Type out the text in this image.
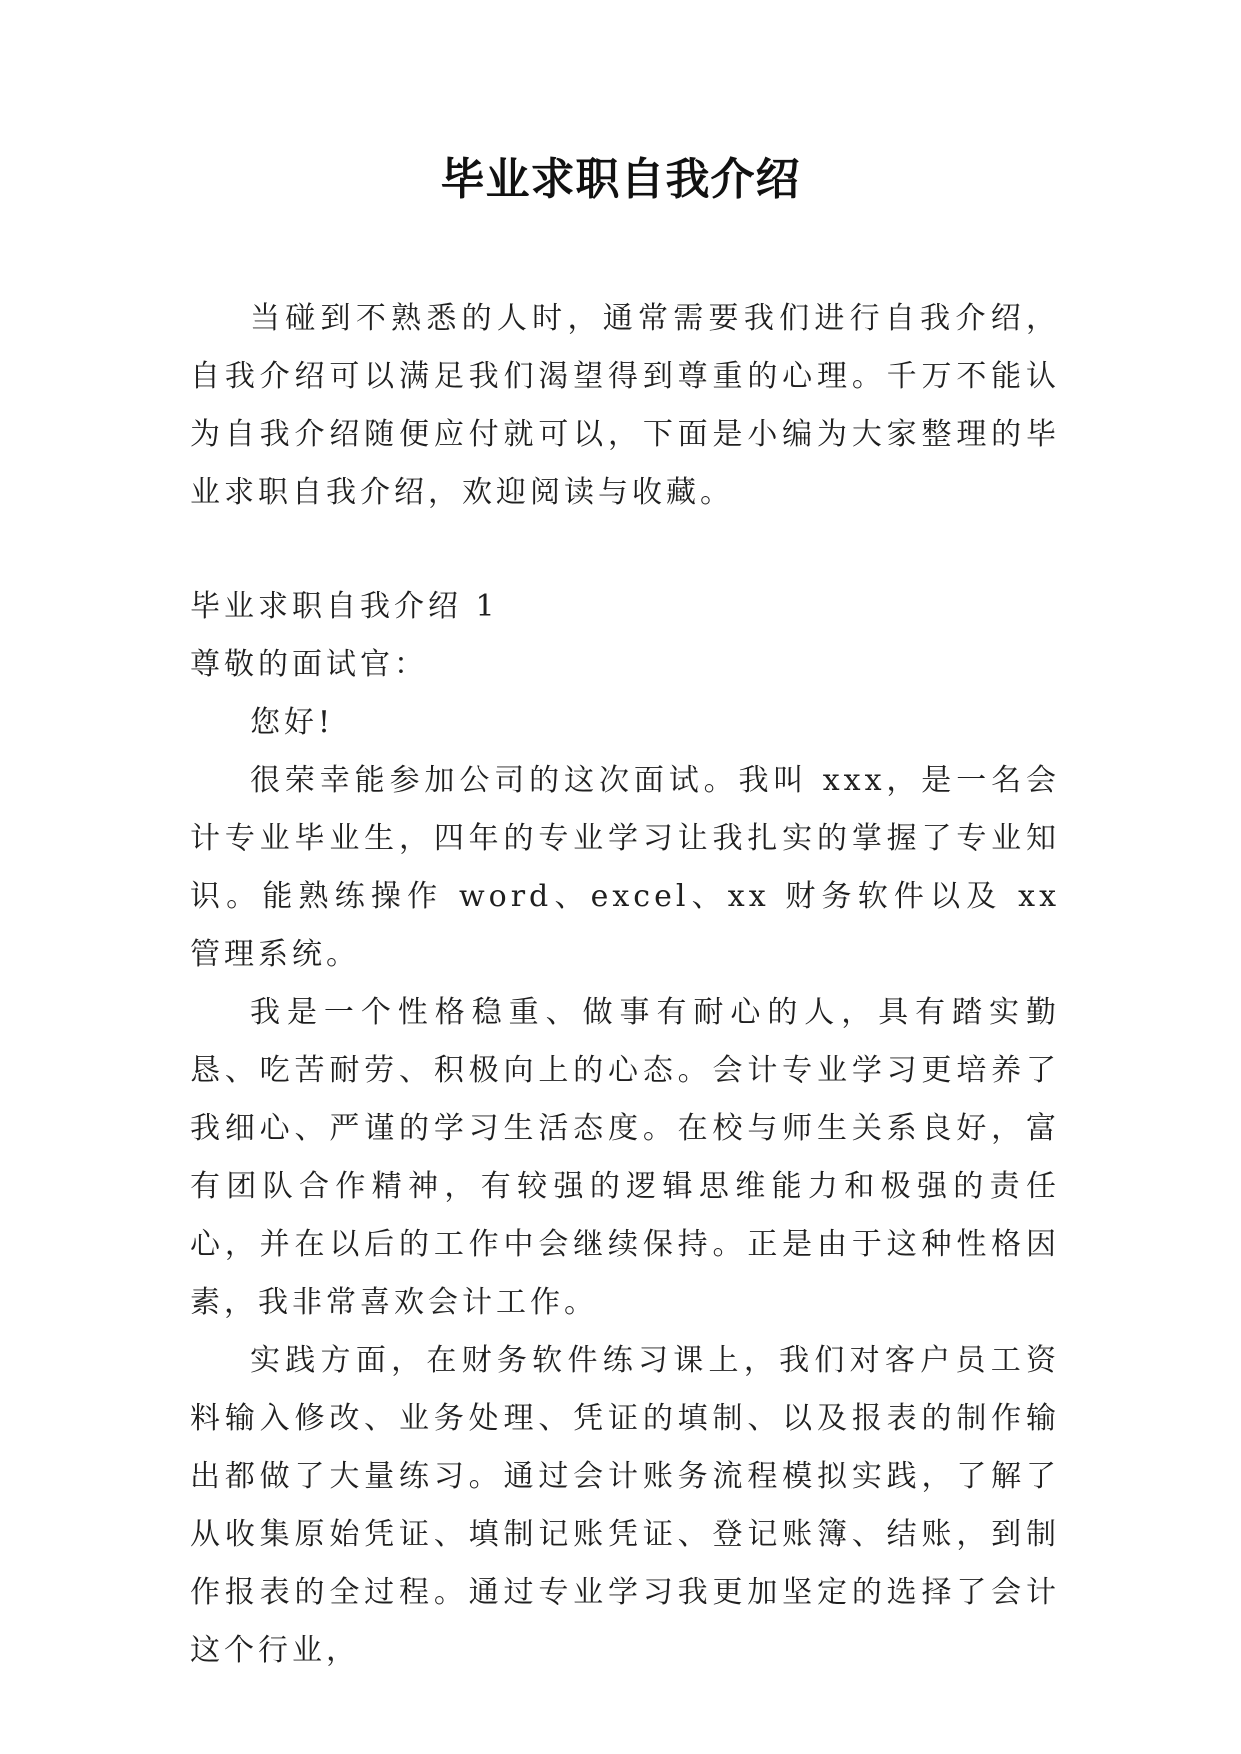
毕业求职自我介绍

当碰到不熟悉的人时，通常需要我们进行自我介绍，自我介绍可以满足我们渴望得到尊重的心理。千万不能认为自我介绍随便应付就可以，下面是小编为大家整理的毕业求职自我介绍，欢迎阅读与收藏。

毕业求职自我介绍 1

尊敬的面试官：

您好!

很荣幸能参加公司的这次面试。我叫 xxx，是一名会计专业毕业生，四年的专业学习让我扎实的掌握了专业知识。能熟练操作 word、excel、xx 财务软件以及 xx 管理系统。

我是一个性格稳重、做事有耐心的人，具有踏实勤恳、吃苦耐劳、积极向上的心态。会计专业学习更培养了我细心、严谨的学习生活态度。在校与师生关系良好，富有团队合作精神，有较强的逻辑思维能力和极强的责任心，并在以后的工作中会继续保持。正是由于这种性格因素，我非常喜欢会计工作。

实践方面，在财务软件练习课上，我们对客户员工资料输入修改、业务处理、凭证的填制、以及报表的制作输出都做了大量练习。通过会计账务流程模拟实践，了解了从收集原始凭证、填制记账凭证、登记账簿、结账，到制作报表的全过程。通过专业学习我更加坚定的选择了会计这个行业，
